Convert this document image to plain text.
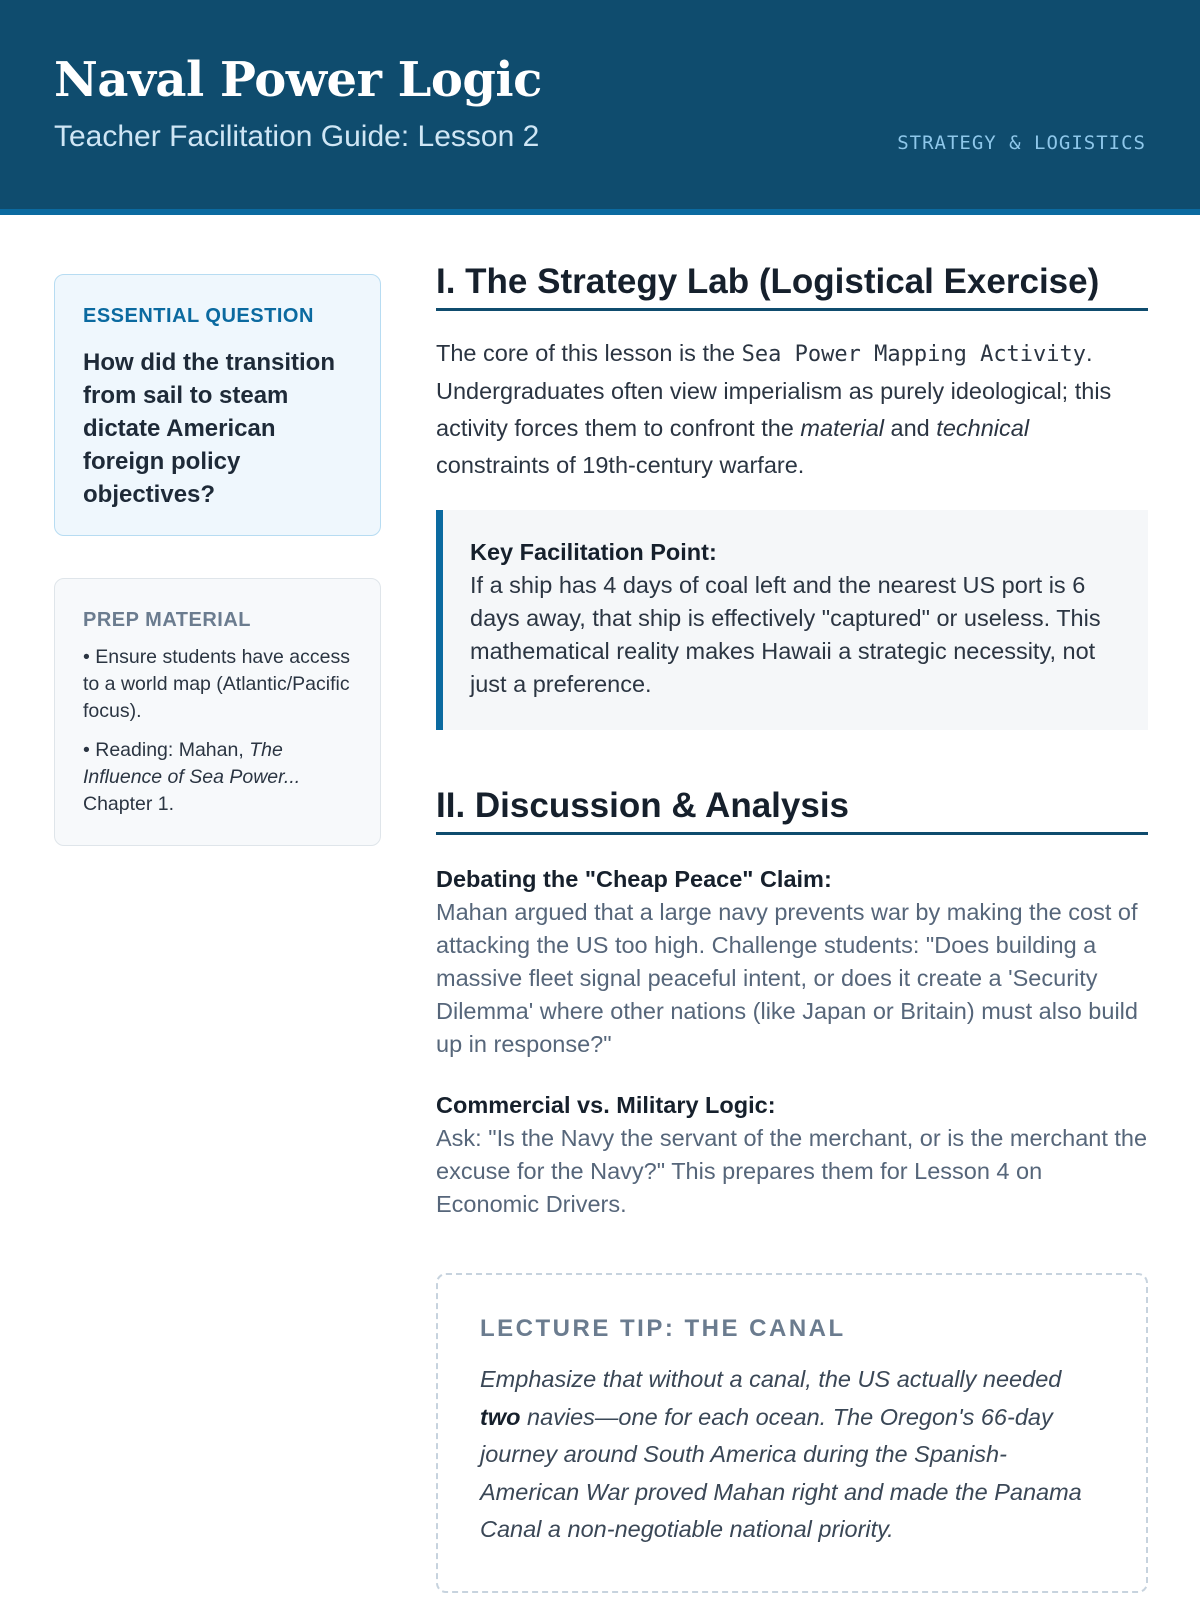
Naval Power Logic
Teacher Facilitation Guide: Lesson 2	STRATEGY & LOGISTICS
ESSENTIAL QUESTION
How did the transition from sail to steam dictate American foreign policy objectives?
PREP MATERIAL
• Ensure students have access to a world map (Atlantic/Pacific focus).
• Reading: Mahan, The Influence of Sea Power... Chapter 1.
I. The Strategy Lab (Logistical Exercise)
The core of this lesson is the Sea Power Mapping Activity. Undergraduates often view imperialism as purely ideological; this activity forces them to confront the material and technical constraints of 19th-century warfare.
Key Facilitation Point:
If a ship has 4 days of coal left and the nearest US port is 6 days away, that ship is effectively "captured" or useless. This mathematical reality makes Hawaii a strategic necessity, not just a preference.
II. Discussion & Analysis
Debating the "Cheap Peace" Claim:
Mahan argued that a large navy prevents war by making the cost of attacking the US too high. Challenge students: "Does building a massive fleet signal peaceful intent, or does it create a 'Security Dilemma' where other nations (like Japan or Britain) must also build up in response?"
Commercial vs. Military Logic:
Ask: "Is the Navy the servant of the merchant, or is the merchant the excuse for the Navy?" This prepares them for Lesson 4 on Economic Drivers.
LECTURE TIP: THE CANAL
Emphasize that without a canal, the US actually needed two navies—one for each ocean. The Oregon's 66-day journey around South America during the Spanish-American War proved Mahan right and made the Panama Canal a non-negotiable national priority.
